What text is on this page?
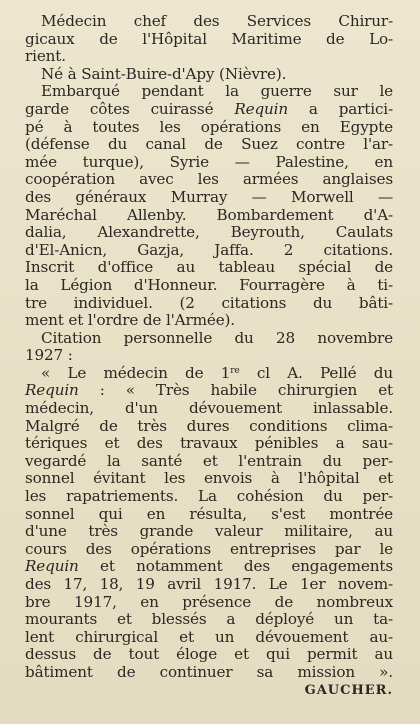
Médecin chef des Services Chirur-
gicaux de l'Hôpital Maritime de Lo-
rient.
Né à Saint-Buire-d'Apy (Nièvre).
Embarqué pendant la guerre sur le
garde côtes cuirassé Requin a partici-
pé à toutes les opérations en Egypte
(défense du canal de Suez contre l'ar-
mée turque), Syrie — Palestine, en
coopération avec les armées anglaises
des généraux Murray — Morwell —
Maréchal Allenby. Bombardement d'A-
dalia, Alexandrette, Beyrouth, Caulats
d'El-Anicn, Gazja, Jaffa. 2 citations.
Inscrit d'office au tableau spécial de
la Légion d'Honneur. Fourragère à ti-
tre individuel. (2 citations du bâti-
ment et l'ordre de l'Armée).
Citation personnelle du 28 novembre
1927 :
« Le médecin de 1re cl A. Pellé du
Requin : « Très habile chirurgien et
médecin, d'un dévouement inlassable.
Malgré de très dures conditions clima-
tériques et des travaux pénibles a sau-
vegardé la santé et l'entrain du per-
sonnel évitant les envois à l'hôpital et
les rapatriements. La cohésion du per-
sonnel qui en résulta, s'est montrée
d'une très grande valeur militaire, au
cours des opérations entreprises par le
Requin et notamment des engagements
des 17, 18, 19 avril 1917. Le 1er novem-
bre 1917, en présence de nombreux
mourants et blessés a déployé un ta-
lent chirurgical et un dévouement au-
dessus de tout éloge et qui permit au
bâtiment de continuer sa mission ».
GAUCHER.
